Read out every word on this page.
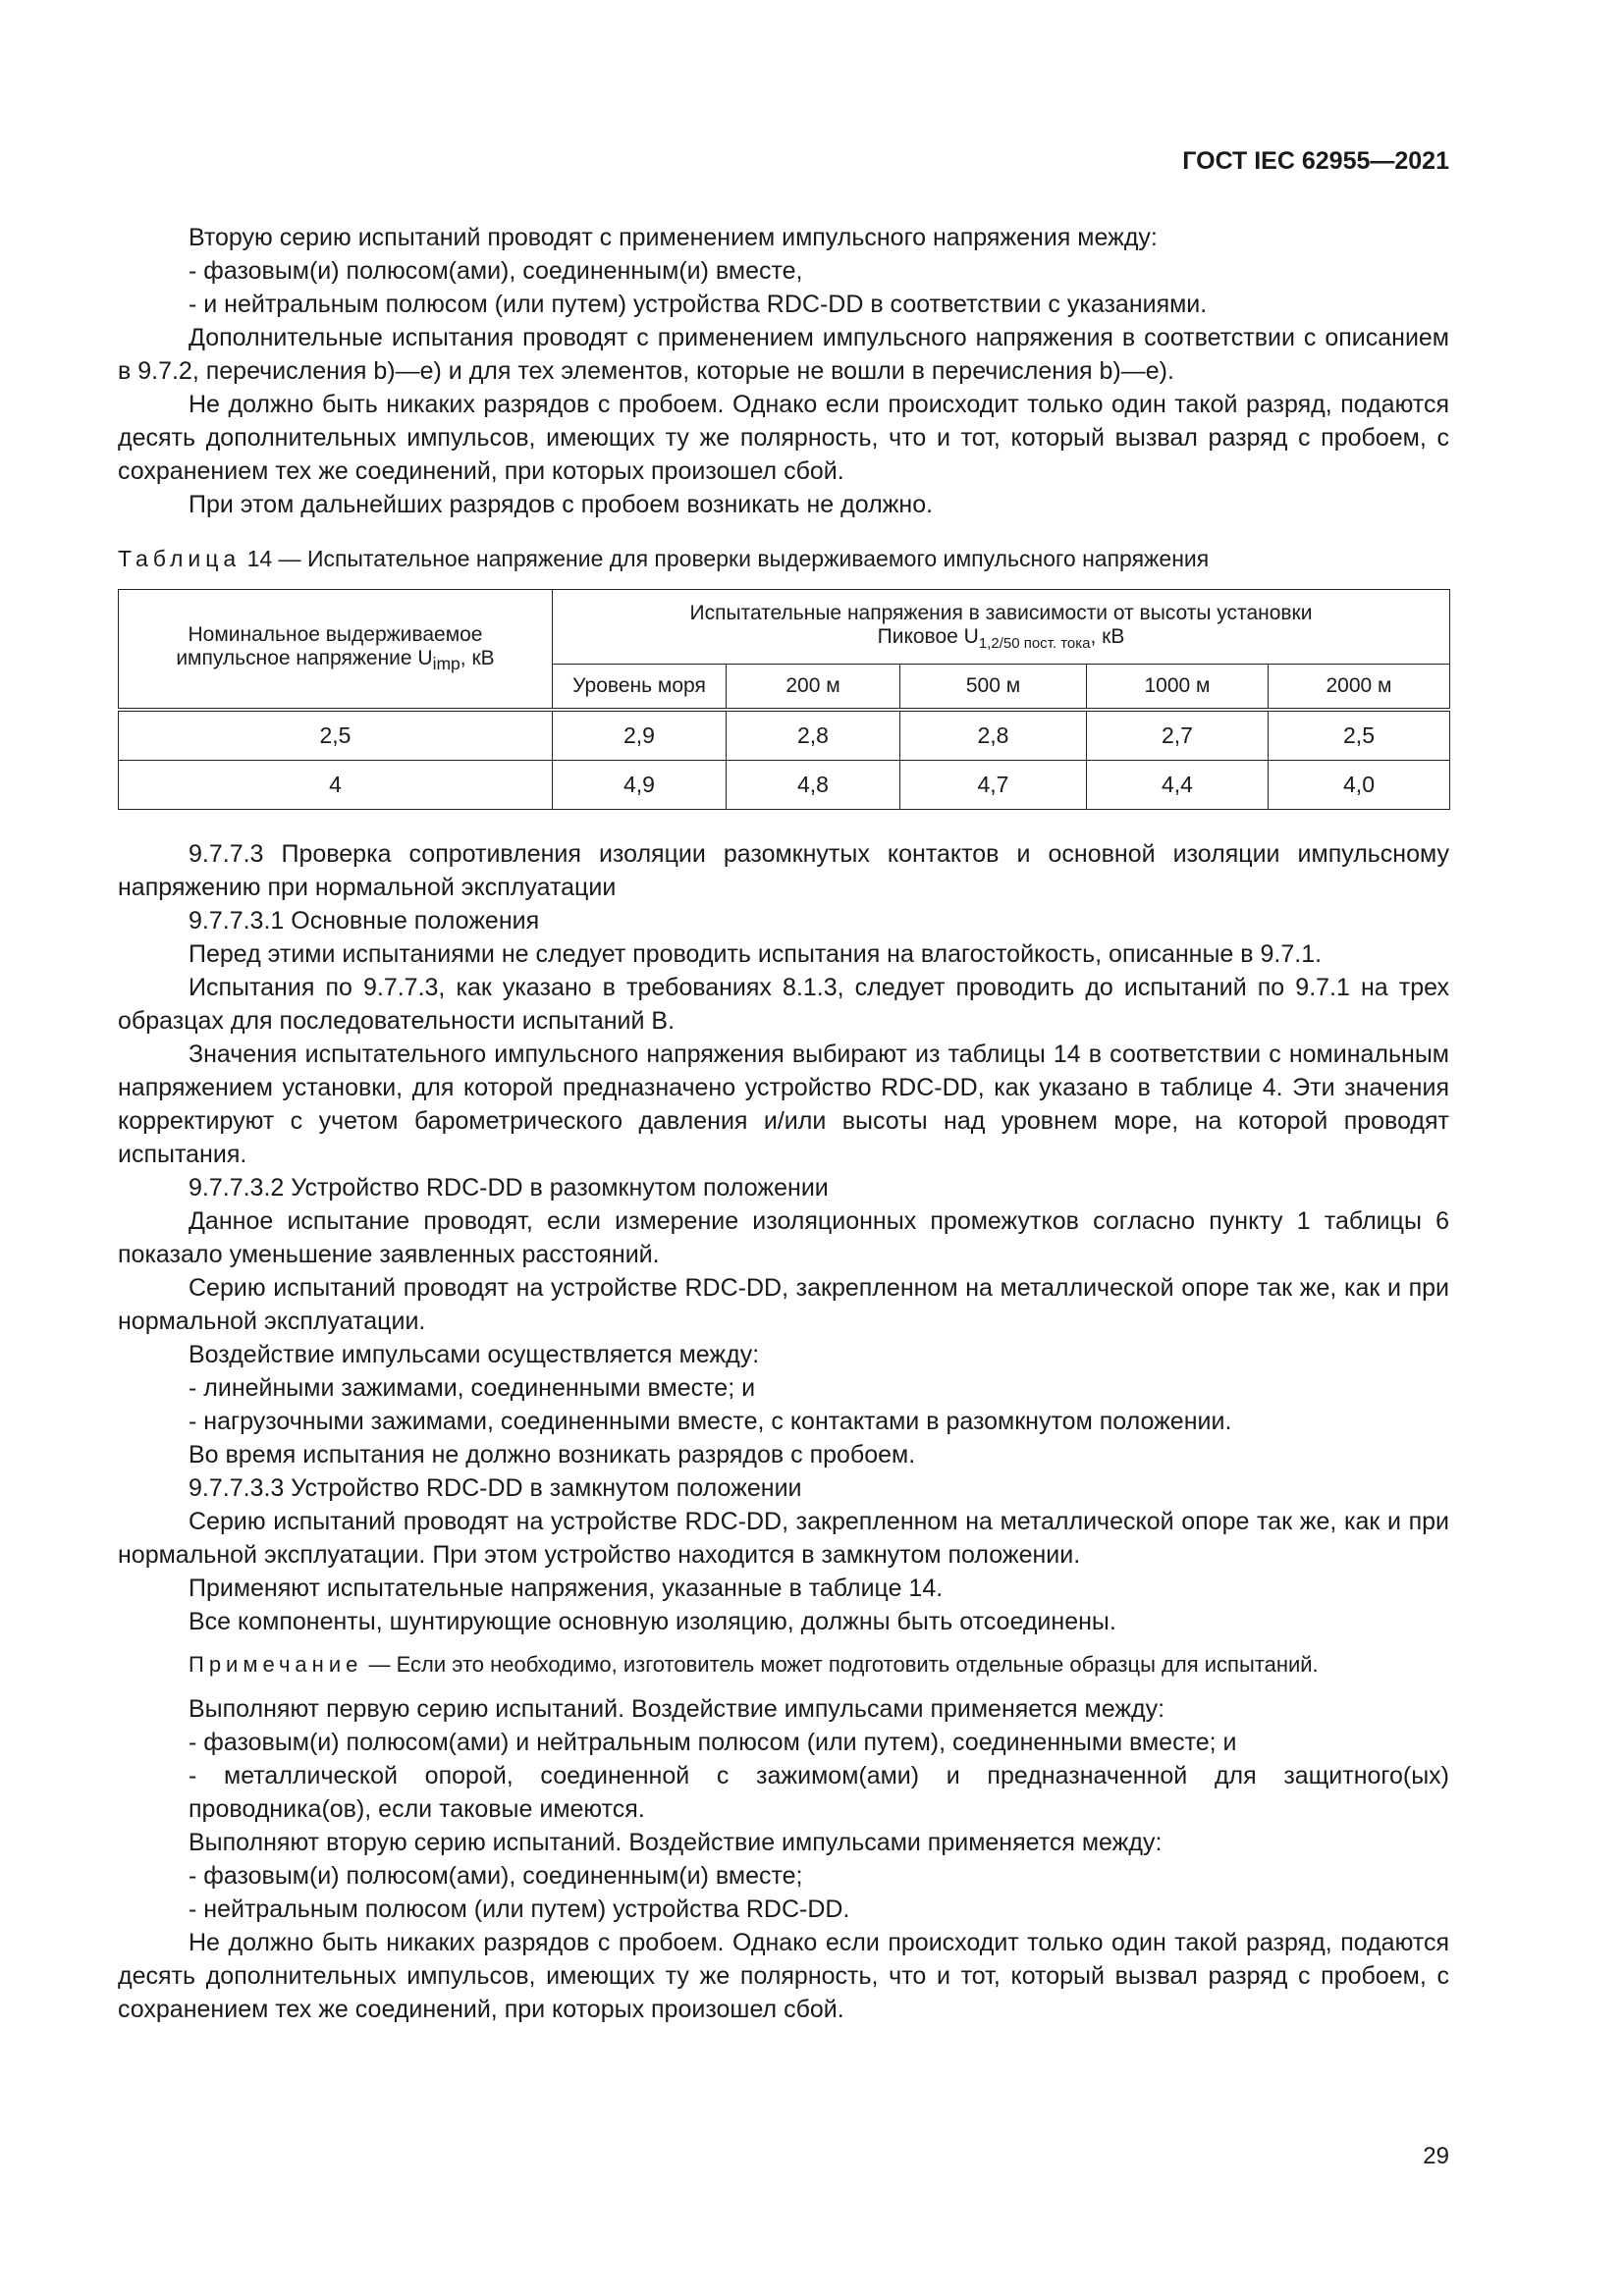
ГОСТ IEC 62955—2021

Вторую серию испытаний проводят с применением импульсного напряжения между:

- фазовым(и) полюсом(ами), соединенным(и) вместе,

- и нейтральным полюсом (или путем) устройства RDC-DD в соответствии с указаниями.

Дополнительные испытания проводят с применением импульсного напряжения в соответствии с описанием в 9.7.2, перечисления b)—e) и для тех элементов, которые не вошли в перечисления b)—e).

Не должно быть никаких разрядов с пробоем. Однако если происходит только один такой разряд, подаются десять дополнительных импульсов, имеющих ту же полярность, что и тот, который вызвал разряд с пробоем, с сохранением тех же соединений, при которых произошел сбой.

При этом дальнейших разрядов с пробоем возникать не должно.

Таблица 14 — Испытательное напряжение для проверки выдерживаемого импульсного напряжения
Номинальное выдерживаемое
импульсное напряжение $U_{imp}$, кВ	Испытательные напряжения в зависимости от высоты установки
Пиковое $U_{1,2/50 пост. тока}$, кВ				
	Уровень моря	200 м	500 м	1000 м	2000 м
2,5	2,9	2,8	2,8	2,7	2,5
4	4,9	4,8	4,7	4,4	4,0

9.7.7.3 Проверка сопротивления изоляции разомкнутых контактов и основной изоляции импульсному напряжению при нормальной эксплуатации

9.7.7.3.1 Основные положения

Перед этими испытаниями не следует проводить испытания на влагостойкость, описанные в 9.7.1.

Испытания по 9.7.7.3, как указано в требованиях 8.1.3, следует проводить до испытаний по 9.7.1 на трех образцах для последовательности испытаний B.

Значения испытательного импульсного напряжения выбирают из таблицы 14 в соответствии с номинальным напряжением установки, для которой предназначено устройство RDC-DD, как указано в таблице 4. Эти значения корректируют с учетом барометрического давления и/или высоты над уровнем море, на которой проводят испытания.

9.7.7.3.2 Устройство RDC-DD в разомкнутом положении

Данное испытание проводят, если измерение изоляционных промежутков согласно пункту 1 таблицы 6 показало уменьшение заявленных расстояний.

Серию испытаний проводят на устройстве RDC-DD, закрепленном на металлической опоре так же, как и при нормальной эксплуатации.

Воздействие импульсами осуществляется между:

- линейными зажимами, соединенными вместе; и

- нагрузочными зажимами, соединенными вместе, с контактами в разомкнутом положении.

Во время испытания не должно возникать разрядов с пробоем.

9.7.7.3.3 Устройство RDC-DD в замкнутом положении

Серию испытаний проводят на устройстве RDC-DD, закрепленном на металлической опоре так же, как и при нормальной эксплуатации. При этом устройство находится в замкнутом положении.

Применяют испытательные напряжения, указанные в таблице 14.

Все компоненты, шунтирующие основную изоляцию, должны быть отсоединены.

Примечание — Если это необходимо, изготовитель может подготовить отдельные образцы для испытаний.

Выполняют первую серию испытаний. Воздействие импульсами применяется между:

- фазовым(и) полюсом(ами) и нейтральным полюсом (или путем), соединенными вместе; и

- металлической опорой, соединенной с зажимом(ами) и предназначенной для защитного(ых) проводника(ов), если таковые имеются.

Выполняют вторую серию испытаний. Воздействие импульсами применяется между:

- фазовым(и) полюсом(ами), соединенным(и) вместе;

- нейтральным полюсом (или путем) устройства RDC-DD.

Не должно быть никаких разрядов с пробоем. Однако если происходит только один такой разряд, подаются десять дополнительных импульсов, имеющих ту же полярность, что и тот, который вызвал разряд с пробоем, с сохранением тех же соединений, при которых произошел сбой.

29
